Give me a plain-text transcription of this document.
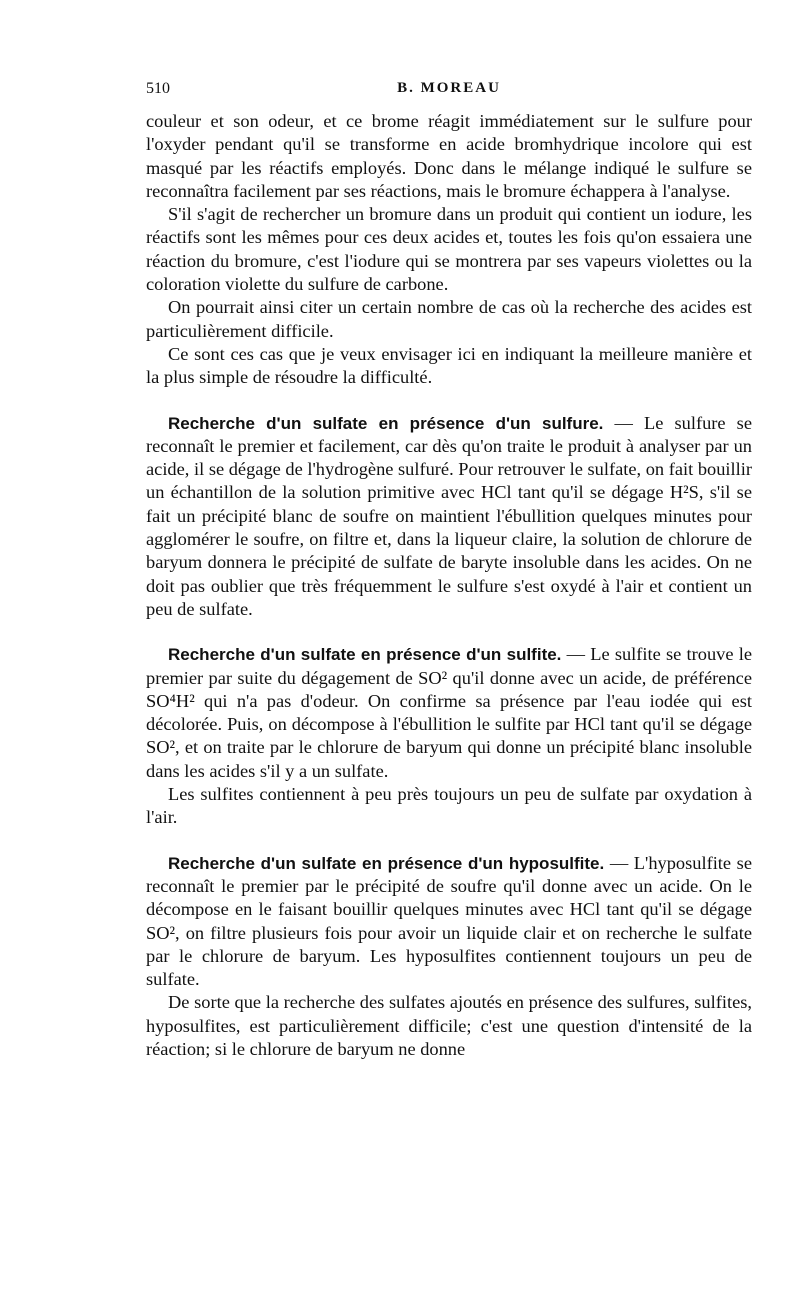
510	B. MOREAU

couleur et son odeur, et ce brome réagit immédiatement sur le sulfure pour l'oxyder pendant qu'il se transforme en acide bromhydrique incolore qui est masqué par les réactifs employés. Donc dans le mélange indiqué le sulfure se reconnaîtra facilement par ses réactions, mais le bromure échappera à l'analyse.

S'il s'agit de rechercher un bromure dans un produit qui contient un iodure, les réactifs sont les mêmes pour ces deux acides et, toutes les fois qu'on essaiera une réaction du bromure, c'est l'iodure qui se montrera par ses vapeurs violettes ou la coloration violette du sulfure de carbone.

On pourrait ainsi citer un certain nombre de cas où la recherche des acides est particulièrement difficile.

Ce sont ces cas que je veux envisager ici en indiquant la meilleure manière et la plus simple de résoudre la difficulté.

Recherche d'un sulfate en présence d'un sulfure. — Le sulfure se reconnaît le premier et facilement, car dès qu'on traite le produit à analyser par un acide, il se dégage de l'hydrogène sulfuré. Pour retrouver le sulfate, on fait bouillir un échantillon de la solution primitive avec HCl tant qu'il se dégage H²S, s'il se fait un précipité blanc de soufre on maintient l'ébullition quelques minutes pour agglomérer le soufre, on filtre et, dans la liqueur claire, la solution de chlorure de baryum donnera le précipité de sulfate de baryte insoluble dans les acides. On ne doit pas oublier que très fréquemment le sulfure s'est oxydé à l'air et contient un peu de sulfate.

Recherche d'un sulfate en présence d'un sulfite. — Le sulfite se trouve le premier par suite du dégagement de SO² qu'il donne avec un acide, de préférence SO⁴H² qui n'a pas d'odeur. On confirme sa présence par l'eau iodée qui est décolorée. Puis, on décompose à l'ébullition le sulfite par HCl tant qu'il se dégage SO², et on traite par le chlorure de baryum qui donne un précipité blanc insoluble dans les acides s'il y a un sulfate.

Les sulfites contiennent à peu près toujours un peu de sulfate par oxydation à l'air.

Recherche d'un sulfate en présence d'un hyposulfite. — L'hyposulfite se reconnaît le premier par le précipité de soufre qu'il donne avec un acide. On le décompose en le faisant bouillir quelques minutes avec HCl tant qu'il se dégage SO², on filtre plusieurs fois pour avoir un liquide clair et on recherche le sulfate par le chlorure de baryum. Les hyposulfites contiennent toujours un peu de sulfate.

De sorte que la recherche des sulfates ajoutés en présence des sulfures, sulfites, hyposulfites, est particulièrement difficile; c'est une question d'intensité de la réaction; si le chlorure de baryum ne donne
